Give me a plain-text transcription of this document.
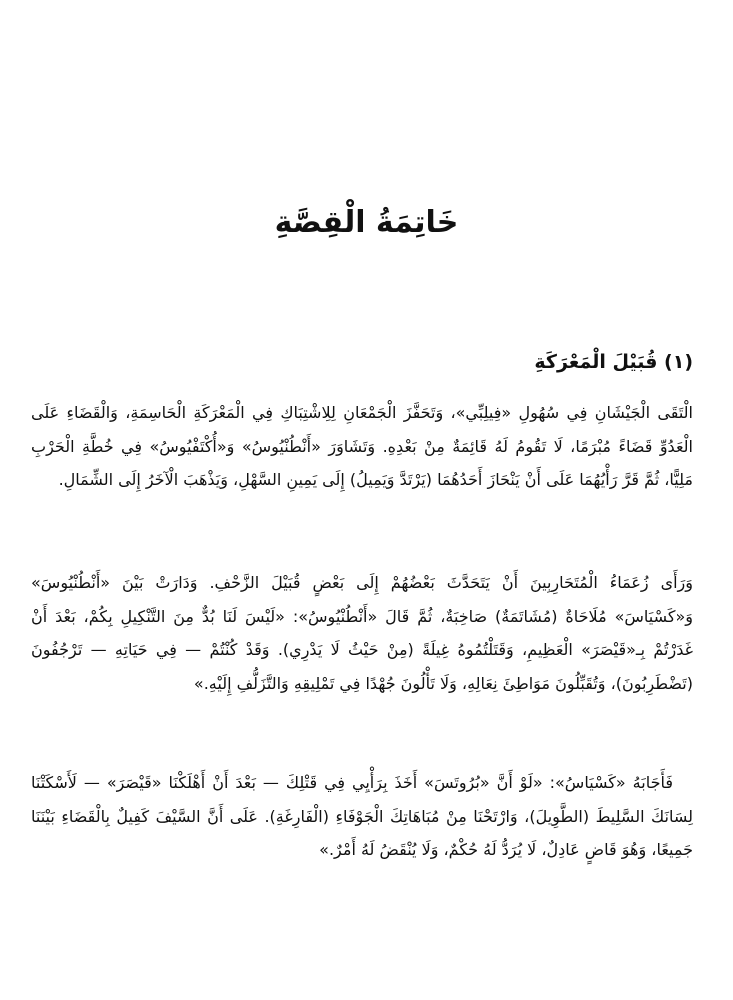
خَاتِمَةُ الْقِصَّةِ
(١) قُبَيْلَ الْمَعْرَكَةِ

الْتَقَى الْجَيْشَانِ فِي سُهُولِ «فِيلِبِّي»، وَتَحَفَّزَ الْجَمْعَانِ لِلِاشْتِبَاكِ فِي الْمَعْرَكَةِ الْحَاسِمَةِ، وَالْقَضَاءِ عَلَى الْعَدُوِّ قَضَاءً مُبْرَمًا، لَا تَقُومُ لَهُ قَائِمَةٌ مِنْ بَعْدِهِ. وَتَشَاوَرَ «أَنْطُنْيُوسُ» وَ«أُكْتَفْيُوسُ» فِي خُطَّةِ الْحَرْبِ مَلِيًّا، ثُمَّ قَرَّ رَأْيُهُمَا عَلَى أَنْ يَنْحَازَ أَحَدُهُمَا (يَرْتَدَّ وَيَمِيلُ) إِلَى يَمِينِ السَّهْلِ، وَيَذْهَبَ الْآخَرُ إِلَى الشِّمَالِ.

وَرَأَى زُعَمَاءُ الْمُتَحَارِبِينَ أَنْ يَتَحَدَّثَ بَعْضُهُمْ إِلَى بَعْضٍ قُبَيْلَ الزَّحْفِ. وَدَارَتْ بَيْنَ «أَنْطُنْيُوسَ» وَ«كَسْيَاسَ» مُلَاحَاةٌ (مُشَاتَمَةٌ) صَاخِبَةٌ، ثُمَّ قَالَ «أَنْطُنْيُوسُ»: «لَيْسَ لَنَا بُدٌّ مِنَ التَّنْكِيلِ بِكُمْ، بَعْدَ أَنْ غَدَرْتُمْ بِـ«قَيْصَرَ» الْعَظِيمِ، وَقَتَلْتُمُوهُ غِيلَةً (مِنْ حَيْثُ لَا يَدْرِي). وَقَدْ كُنْتُمْ — فِي حَيَاتِهِ — تَرْجُفُونَ (تَضْطَرِبُونَ)، وَتُقَبِّلُونَ مَوَاطِئَ نِعَالِهِ، وَلَا تَأْلُونَ جُهْدًا فِي تَمْلِيقِهِ وَالتَّزَلُّفِ إِلَيْهِ.»

فَأَجَابَهُ «كَسْيَاسُ»: «لَوْ أَنَّ «بُرُوتَسَ» أَخَذَ بِرَأْيِي فِي قَتْلِكَ — بَعْدَ أَنْ أَهْلَكْنَا «قَيْصَرَ» — لَأَسْكَتْنَا لِسَانَكَ السَّلِيطَ (الطَّوِيلَ)، وَارْتَحْنَا مِنْ مُبَاهَاتِكَ الْجَوْفَاءِ (الْفَارِغَةِ). عَلَى أَنَّ السَّيْفَ كَفِيلٌ بِالْقَضَاءِ بَيْنَنَا جَمِيعًا، وَهُوَ قَاضٍ عَادِلٌ، لَا يُرَدُّ لَهُ حُكْمٌ، وَلَا يُنْقَضُ لَهُ أَمْرٌ.»
